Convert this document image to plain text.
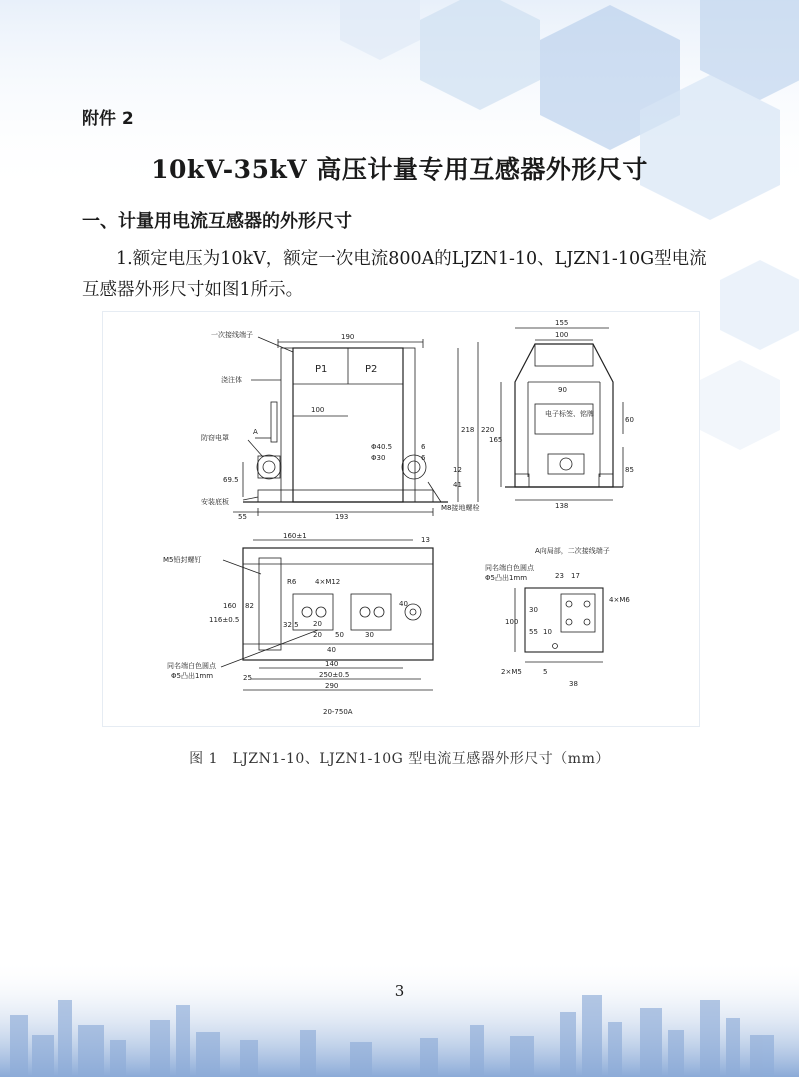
附件 2
10kV-35kV 高压计量专用互感器外形尺寸
一、计量用电流互感器的外形尺寸
1.额定电压为10kV，额定一次电流800A的LJZN1-10、LJZN1-10G型电流互感器外形尺寸如图1所示。
190
P1	P2
100
A
193
55
218 220
69.5
Φ40.5
Φ30
6
6
12
41
一次接线端子
浇注体
防窃电罩
安装底板
M8接地螺栓
155
100
90
电子标签、铭牌
138
60
165
85
160±1	13
R6	4×M12
160
116±0.5
82
32.5 20
20 50	30
40
40
140
250±0.5
290
25
M5铅封螺钉
同名端白色圆点
Φ5凸出1mm
20-750A
A向局部，二次接线端子
同名端白色圆点
Φ5凸出1mm	23 17
100
30
55 10
4×M6
2×M5	5
38
图 1　LJZN1-10、LJZN1-10G 型电流互感器外形尺寸（mm）
3
